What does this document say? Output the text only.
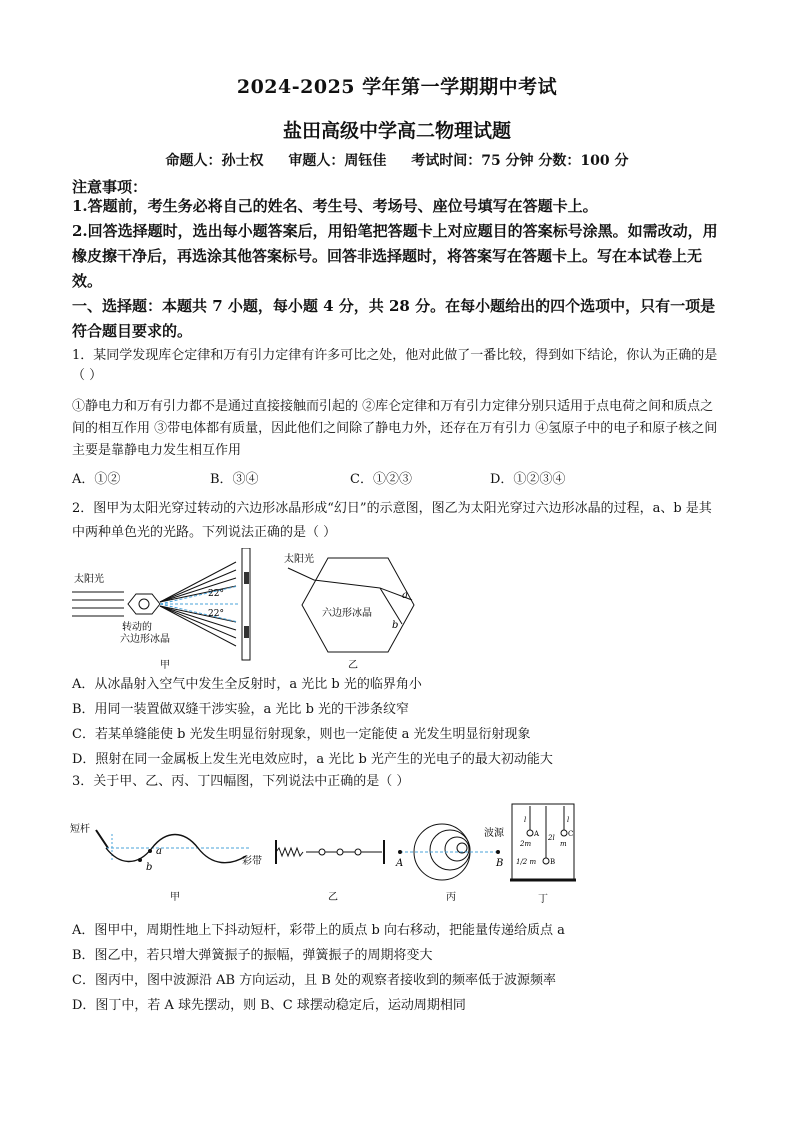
2024-2025 学年第一学期期中考试
盐田高级中学高二物理试题
命题人：孙士权 审题人：周钰佳 考试时间：75 分钟 分数：100 分
注意事项：
1.答题前，考生务必将自己的姓名、考生号、考场号、座位号填写在答题卡上。
2.回答选择题时，选出每小题答案后，用铅笔把答题卡上对应题目的答案标号涂黑。如需改动，用橡皮擦干净后，再选涂其他答案标号。回答非选择题时，将答案写在答题卡上。写在本试卷上无效。
一、选择题：本题共 7 小题，每小题 4 分，共 28 分。在每小题给出的四个选项中，只有一项是符合题目要求的。
1．某同学发现库仑定律和万有引力定律有许多可比之处，他对此做了一番比较，得到如下结论，你认为正确的是（ ）
①静电力和万有引力都不是通过直接接触而引起的 ②库仑定律和万有引力定律分别只适用于点电荷之间和质点之间的相互作用 ③带电体都有质量，因此他们之间除了静电力外，还存在万有引力 ④氢原子中的电子和原子核之间主要是靠静电力发生相互作用
A．①②	B．③④	C．①②③	D．①②③④
2．图甲为太阳光穿过转动的六边形冰晶形成“幻日”的示意图，图乙为太阳光穿过六边形冰晶的过程，a、b 是其中两种单色光的光路。下列说法正确的是（ ）
太阳光
22°
22°
转动的
六边形冰晶
甲
太阳光
a
b
六边形冰晶
乙
A．从冰晶射入空气中发生全反射时，a 光比 b 光的临界角小
B．用同一装置做双缝干涉实验，a 光比 b 光的干涉条纹窄
C．若某单缝能使 b 光发生明显衍射现象，则也一定能使 a 光发生明显衍射现象
D．照射在同一金属板上发生光电效应时，a 光比 b 光产生的光电子的最大初动能大
3．关于甲、乙、丙、丁四幅图，下列说法中正确的是（ ）
短杆
a
b
彩带
甲	乙
A	B
波源
丙
l	l
2l
A	C
B
2m	m
1/2 m
丁
A．图甲中，周期性地上下抖动短杆，彩带上的质点 b 向右移动，把能量传递给质点 a
B．图乙中，若只增大弹簧振子的振幅，弹簧振子的周期将变大
C．图丙中，图中波源沿 AB 方向运动，且 B 处的观察者接收到的频率低于波源频率
D．图丁中，若 A 球先摆动，则 B、C 球摆动稳定后，运动周期相同
